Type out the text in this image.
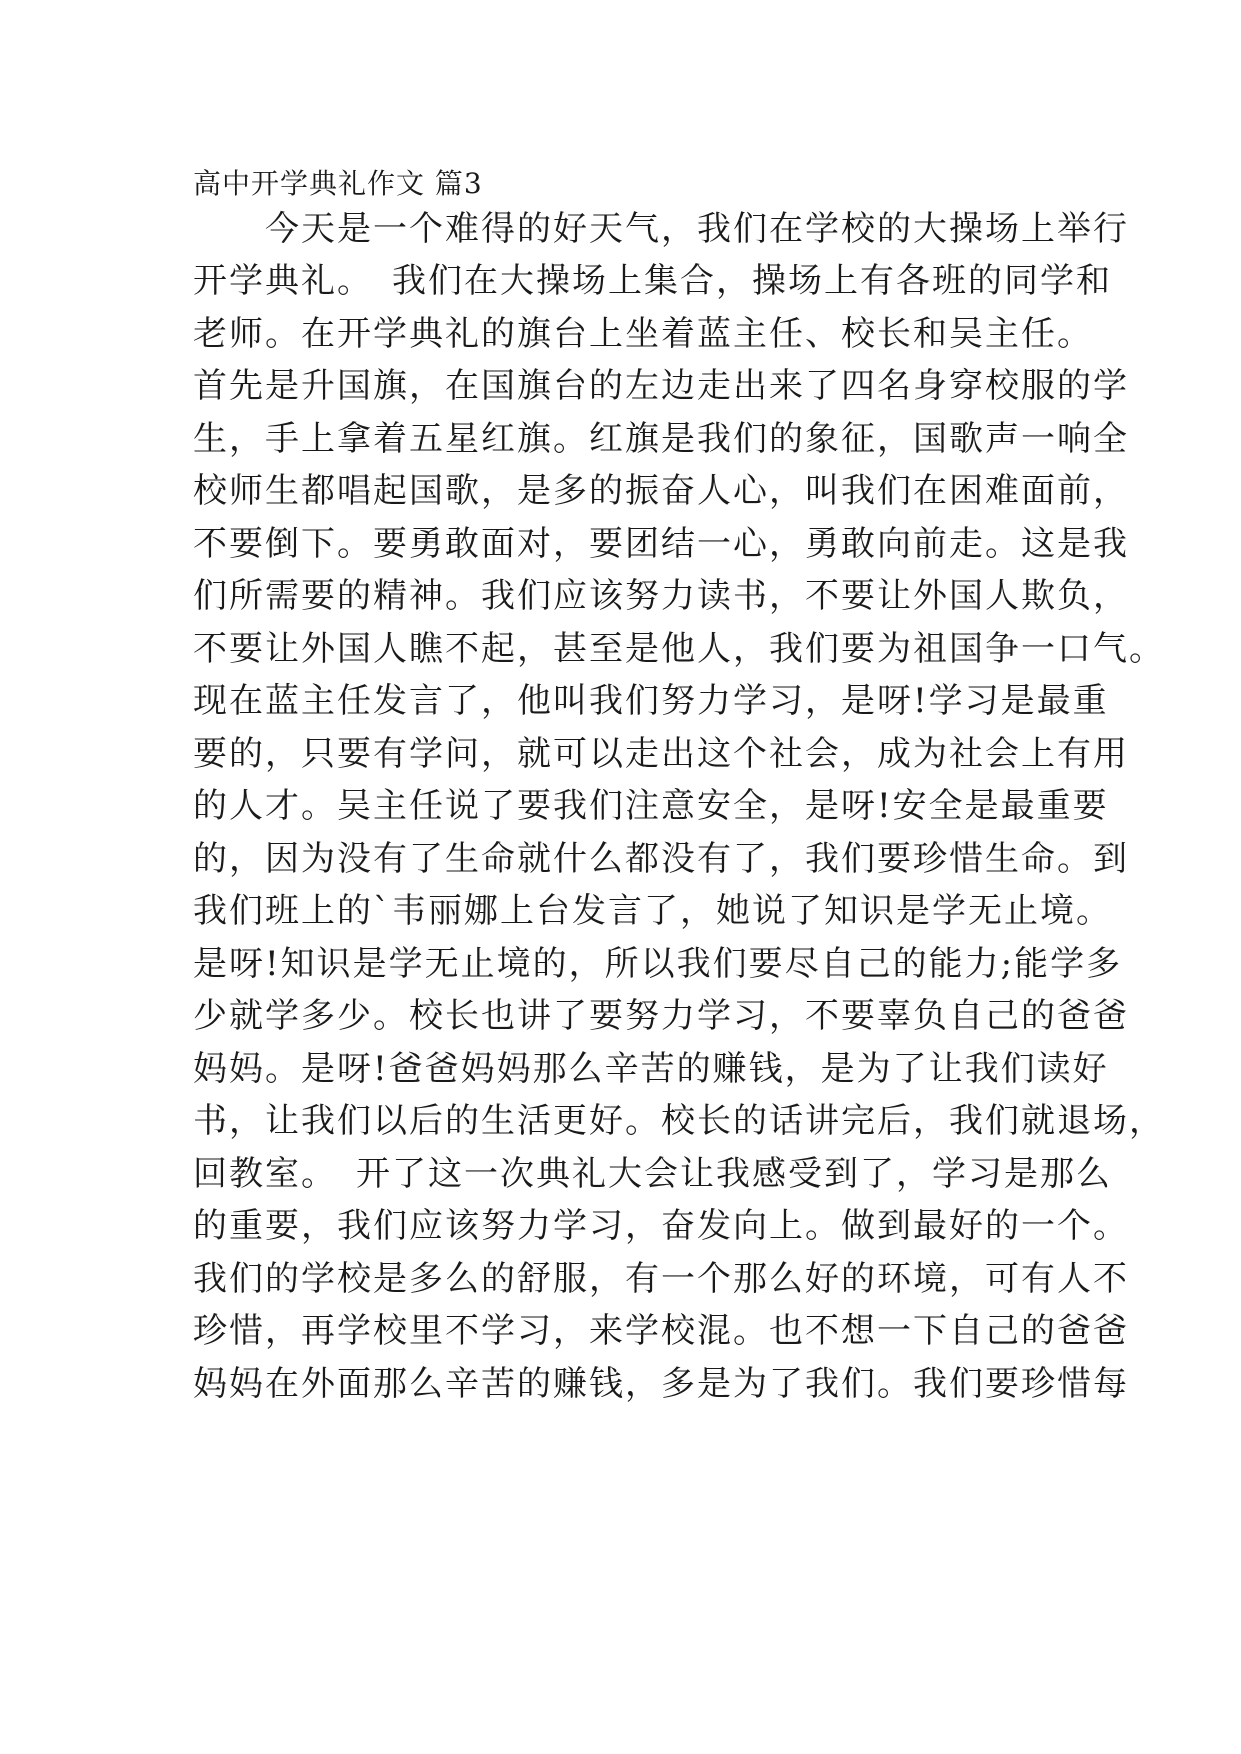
高中开学典礼作文 篇3
　　今天是一个难得的好天气，我们在学校的大操场上举行
开学典礼。　我们在大操场上集合，操场上有各班的同学和
老师。在开学典礼的旗台上坐着蓝主任、校长和吴主任。
首先是升国旗，在国旗台的左边走出来了四名身穿校服的学
生，手上拿着五星红旗。红旗是我们的象征，国歌声一响全
校师生都唱起国歌，是多的振奋人心，叫我们在困难面前，
不要倒下。要勇敢面对，要团结一心，勇敢向前走。这是我
们所需要的精神。我们应该努力读书，不要让外国人欺负，
不要让外国人瞧不起，甚至是他人，我们要为祖国争一口气。
现在蓝主任发言了，他叫我们努力学习，是呀!学习是最重
要的，只要有学问，就可以走出这个社会，成为社会上有用
的人才。吴主任说了要我们注意安全，是呀!安全是最重要
的，因为没有了生命就什么都没有了，我们要珍惜生命。到
我们班上的`韦丽娜上台发言了，她说了知识是学无止境。
是呀!知识是学无止境的，所以我们要尽自己的能力;能学多
少就学多少。校长也讲了要努力学习，不要辜负自己的爸爸
妈妈。是呀!爸爸妈妈那么辛苦的赚钱，是为了让我们读好
书，让我们以后的生活更好。校长的话讲完后，我们就退场，
回教室。　开了这一次典礼大会让我感受到了，学习是那么
的重要，我们应该努力学习，奋发向上。做到最好的一个。
我们的学校是多么的舒服，有一个那么好的环境，可有人不
珍惜，再学校里不学习，来学校混。也不想一下自己的爸爸
妈妈在外面那么辛苦的赚钱，多是为了我们。我们要珍惜每
